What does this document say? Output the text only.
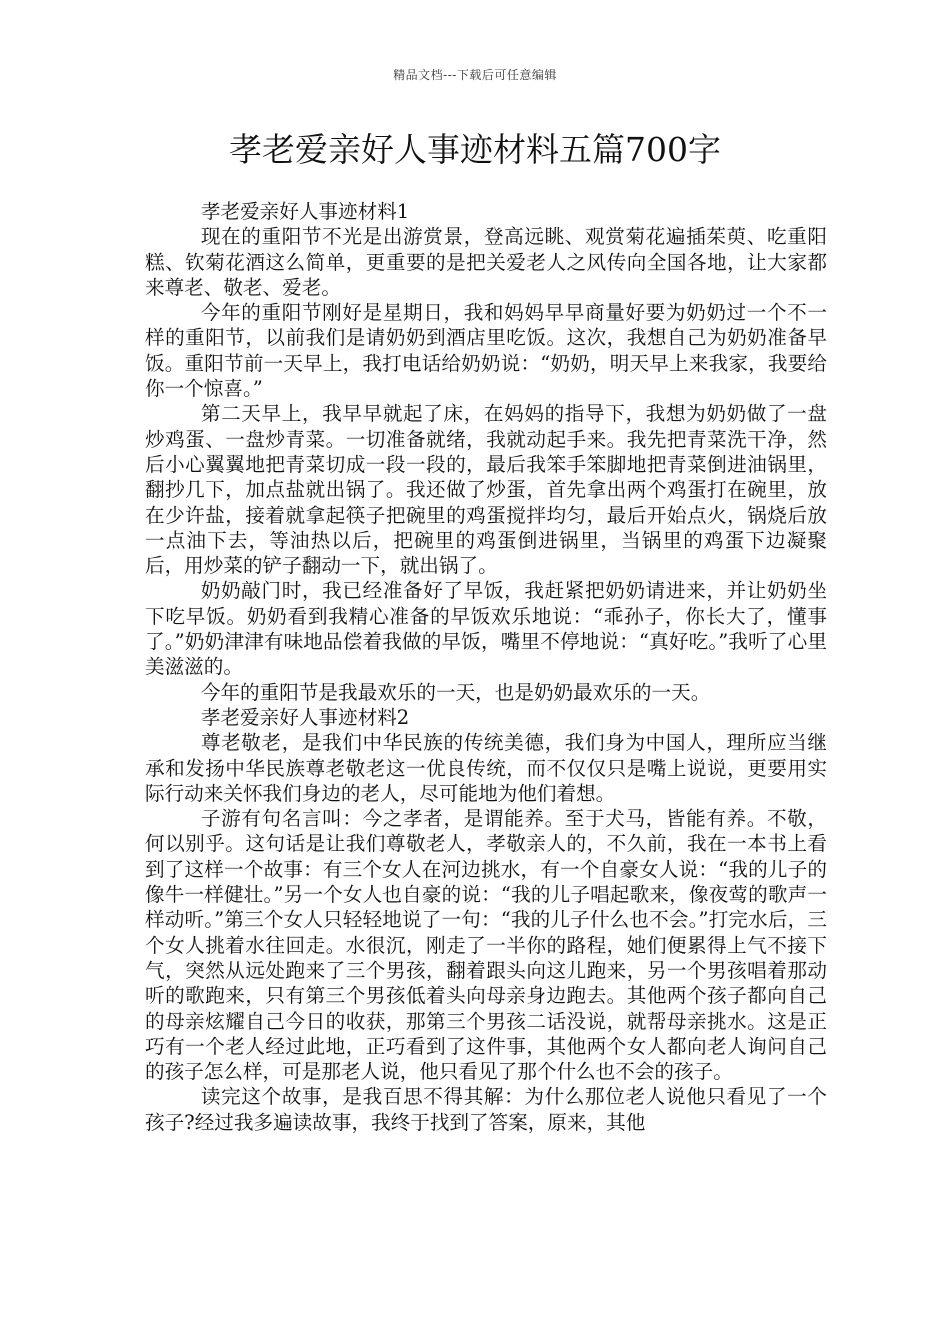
精品文档---下载后可任意编辑
孝老爱亲好人事迹材料五篇700字

孝老爱亲好人事迹材料1

现在的重阳节不光是出游赏景，登高远眺、观赏菊花遍插茱萸、吃重阳糕、钦菊花酒这么简单，更重要的是把关爱老人之风传向全国各地，让大家都来尊老、敬老、爱老。

今年的重阳节刚好是星期日，我和妈妈早早商量好要为奶奶过一个不一样的重阳节，以前我们是请奶奶到酒店里吃饭。这次，我想自己为奶奶准备早饭。重阳节前一天早上，我打电话给奶奶说：“奶奶，明天早上来我家，我要给你一个惊喜。”

第二天早上，我早早就起了床，在妈妈的指导下，我想为奶奶做了一盘炒鸡蛋、一盘炒青菜。一切准备就绪，我就动起手来。我先把青菜洗干净，然后小心翼翼地把青菜切成一段一段的，最后我笨手笨脚地把青菜倒进油锅里，翻抄几下，加点盐就出锅了。我还做了炒蛋，首先拿出两个鸡蛋打在碗里，放在少许盐，接着就拿起筷子把碗里的鸡蛋搅拌均匀，最后开始点火，锅烧后放一点油下去，等油热以后，把碗里的鸡蛋倒进锅里，当锅里的鸡蛋下边凝聚后，用炒菜的铲子翻动一下，就出锅了。

奶奶敲门时，我已经准备好了早饭，我赶紧把奶奶请进来，并让奶奶坐下吃早饭。奶奶看到我精心准备的早饭欢乐地说：“乖孙子，你长大了，懂事了。”奶奶津津有味地品偿着我做的早饭，嘴里不停地说：“真好吃。”我听了心里美滋滋的。

今年的重阳节是我最欢乐的一天，也是奶奶最欢乐的一天。

孝老爱亲好人事迹材料2

尊老敬老，是我们中华民族的传统美德，我们身为中国人，理所应当继承和发扬中华民族尊老敬老这一优良传统，而不仅仅只是嘴上说说，更要用实际行动来关怀我们身边的老人，尽可能地为他们着想。

子游有句名言叫：今之孝者，是谓能养。至于犬马，皆能有养。不敬，何以别乎。这句话是让我们尊敬老人，孝敬亲人的，不久前，我在一本书上看到了这样一个故事：有三个女人在河边挑水，有一个自豪女人说：“我的儿子的像牛一样健壮。”另一个女人也自豪的说：“我的儿子唱起歌来，像夜莺的歌声一样动听。”第三个女人只轻轻地说了一句：“我的儿子什么也不会。”打完水后，三个女人挑着水往回走。水很沉，刚走了一半你的路程，她们便累得上气不接下气，突然从远处跑来了三个男孩，翻着跟头向这儿跑来，另一个男孩唱着那动听的歌跑来，只有第三个男孩低着头向母亲身边跑去。其他两个孩子都向自己的母亲炫耀自己今日的收获，那第三个男孩二话没说，就帮母亲挑水。这是正巧有一个老人经过此地，正巧看到了这件事，其他两个女人都向老人询问自己的孩子怎么样，可是那老人说，他只看见了那个什么也不会的孩子。

读完这个故事，是我百思不得其解：为什么那位老人说他只看见了一个孩子?经过我多遍读故事，我终于找到了答案，原来，其他
